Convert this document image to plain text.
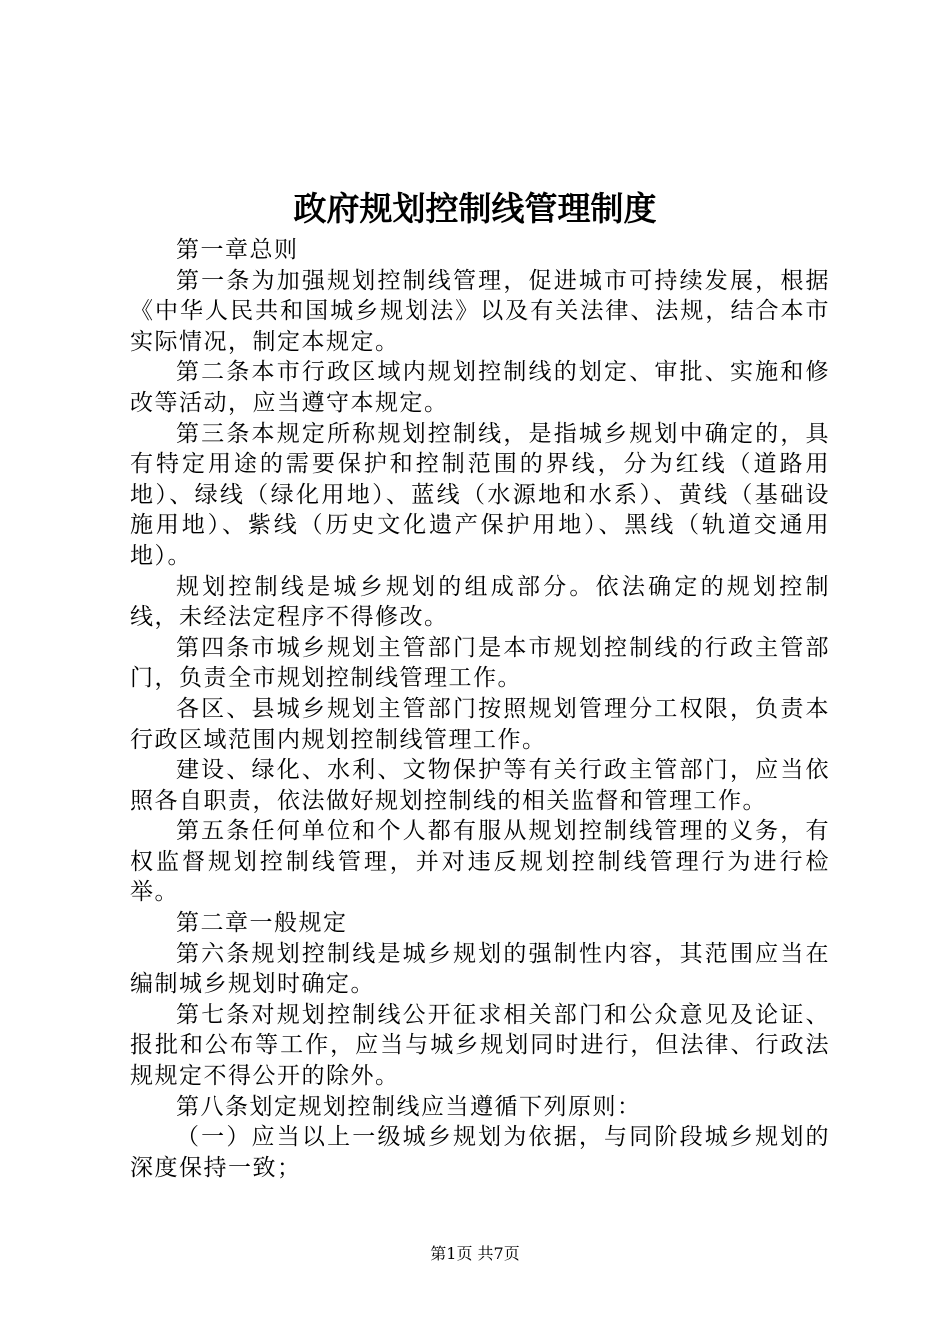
政府规划控制线管理制度

第一章总则

第一条为加强规划控制线管理，促进城市可持续发展，根据《中华人民共和国城乡规划法》以及有关法律、法规，结合本市实际情况，制定本规定。

第二条本市行政区域内规划控制线的划定、审批、实施和修改等活动，应当遵守本规定。

第三条本规定所称规划控制线，是指城乡规划中确定的，具有特定用途的需要保护和控制范围的界线，分为红线（道路用地）、绿线（绿化用地）、蓝线（水源地和水系）、黄线（基础设施用地）、紫线（历史文化遗产保护用地）、黑线（轨道交通用地）。

规划控制线是城乡规划的组成部分。依法确定的规划控制线，未经法定程序不得修改。

第四条市城乡规划主管部门是本市规划控制线的行政主管部门，负责全市规划控制线管理工作。

各区、县城乡规划主管部门按照规划管理分工权限，负责本行政区域范围内规划控制线管理工作。

建设、绿化、水利、文物保护等有关行政主管部门，应当依照各自职责，依法做好规划控制线的相关监督和管理工作。

第五条任何单位和个人都有服从规划控制线管理的义务，有权监督规划控制线管理，并对违反规划控制线管理行为进行检举。

第二章一般规定

第六条规划控制线是城乡规划的强制性内容，其范围应当在编制城乡规划时确定。

第七条对规划控制线公开征求相关部门和公众意见及论证、报批和公布等工作，应当与城乡规划同时进行，但法律、行政法规规定不得公开的除外。

第八条划定规划控制线应当遵循下列原则：

（一）应当以上一级城乡规划为依据，与同阶段城乡规划的深度保持一致；

第1页 共7页
